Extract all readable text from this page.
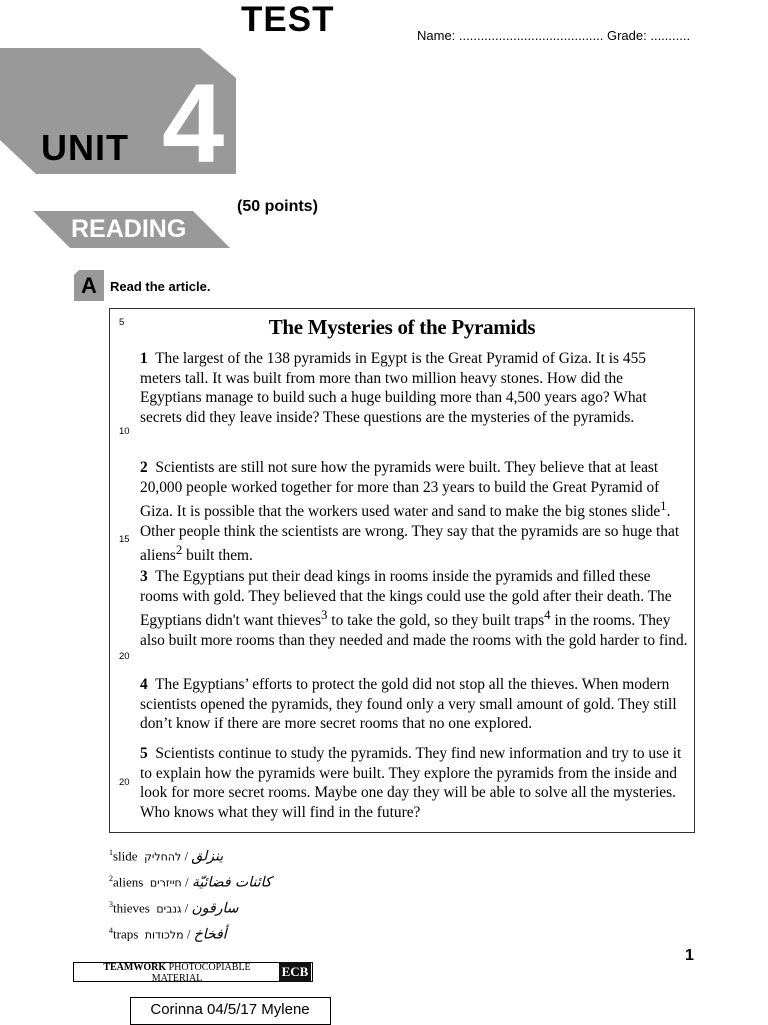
TEST	Name: ........................................ Grade: ...........
UNIT 4
(50 points)
READING
A Read the article.
The Mysteries of the Pyramids
5
10
15
20
20
1 The largest of the 138 pyramids in Egypt is the Great Pyramid of Giza. It is 455 meters tall. It was built from more than two million heavy stones. How did the Egyptians manage to build such a huge building more than 4,500 years ago? What secrets did they leave inside? These questions are the mysteries of the pyramids.
2 Scientists are still not sure how the pyramids were built. They believe that at least 20,000 people worked together for more than 23 years to build the Great Pyramid of Giza. It is possible that the workers used water and sand to make the big stones slide$^1$. Other people think the scientists are wrong. They say that the pyramids are so huge that aliens$^2$ built them.
3 The Egyptians put their dead kings in rooms inside the pyramids and filled these rooms with gold. They believed that the kings could use the gold after their death. The Egyptians didn't want thieves$^3$ to take the gold, so they built traps$^4$ in the rooms. They also built more rooms than they needed and made the rooms with the gold harder to find.
4 The Egyptians’ efforts to protect the gold did not stop all the thieves. When modern scientists opened the pyramids, they found only a very small amount of gold. They still don’t know if there are more secret rooms that no one explored.
5 Scientists continue to study the pyramids. They find new information and try to use it to explain how the pyramids were built. They explore the pyramids from the inside and look for more secret rooms. Maybe one day they will be able to solve all the mysteries. Who knows what they will find in the future?
$^1$slide להחליק / ينزلق
$^2$aliens חייזרים / كائنات فضائيّة
$^3$thieves גנבים / سارقون
$^4$traps מלכודות / أفخاخ
1
TEAMWORK PHOTOCOPIABLE MATERIAL	ECB
Corinna 04/5/17 Mylene
